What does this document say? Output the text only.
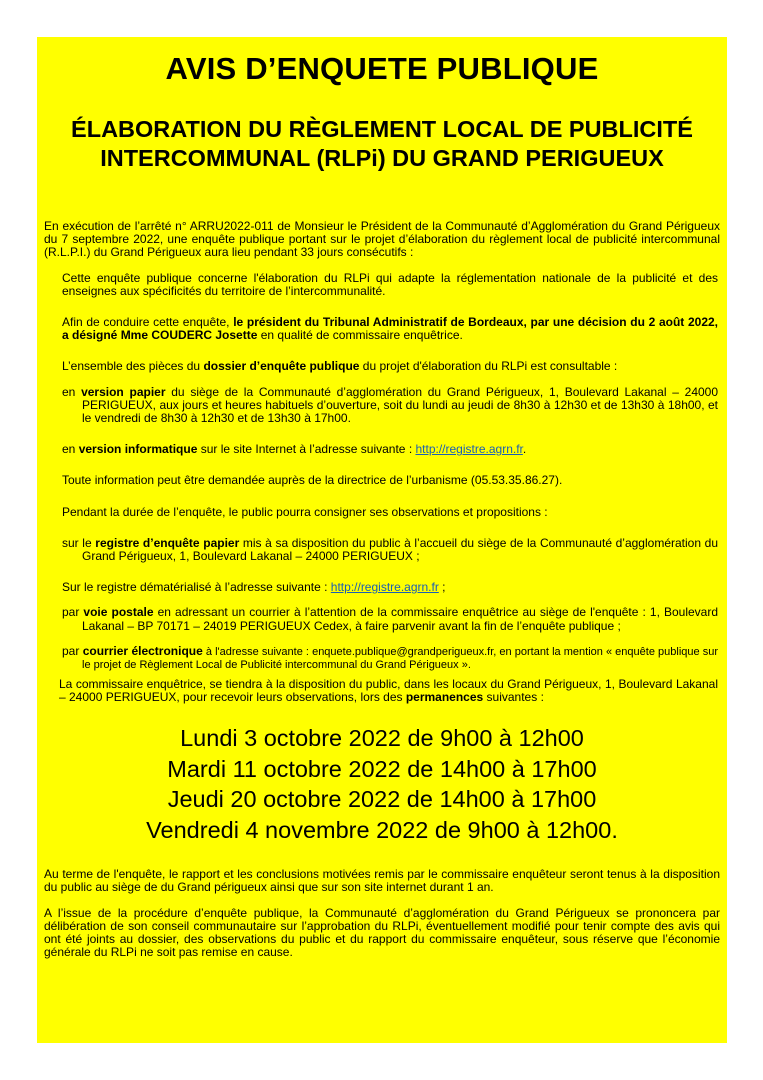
AVIS D’ENQUETE PUBLIQUE
ÉLABORATION DU RÈGLEMENT LOCAL DE PUBLICITÉ INTERCOMMUNAL (RLPi) DU GRAND PERIGUEUX

En exécution de l’arrêté n° ARRU2022-011 de Monsieur le Président de la Communauté d’Agglomération du Grand Périgueux du 7 septembre 2022, une enquête publique portant sur le projet d’élaboration du règlement local de publicité intercommunal (R.L.P.I.) du Grand Périgueux aura lieu pendant 33 jours consécutifs :

Cette enquête publique concerne l'élaboration du RLPi qui adapte la réglementation nationale de la publicité et des enseignes aux spécificités du territoire de l’intercommunalité.

Afin de conduire cette enquête, le président du Tribunal Administratif de Bordeaux, par une décision du 2 août 2022, a désigné Mme COUDERC Josette en qualité de commissaire enquêtrice.

L’ensemble des pièces du dossier d’enquête publique du projet d'élaboration du RLPi est consultable :

en version papier du siège de la Communauté d’agglomération du Grand Périgueux, 1, Boulevard Lakanal – 24000 PERIGUEUX, aux jours et heures habituels d’ouverture, soit du lundi au jeudi de 8h30 à 12h30 et de 13h30 à 18h00, et le vendredi de 8h30 à 12h30 et de 13h30 à 17h00.

en version informatique sur le site Internet à l’adresse suivante : http://registre.agrn.fr.

Toute information peut être demandée auprès de la directrice de l’urbanisme (05.53.35.86.27).

Pendant la durée de l’enquête, le public pourra consigner ses observations et propositions :

sur le registre d’enquête papier mis à sa disposition du public à l’accueil du siège de la Communauté d’agglomération du Grand Périgueux, 1, Boulevard Lakanal – 24000 PERIGUEUX ;

Sur le registre dématérialisé à l’adresse suivante : http://registre.agrn.fr ;

par voie postale en adressant un courrier à l’attention de la commissaire enquêtrice au siège de l'enquête : 1, Boulevard Lakanal – BP 70171 – 24019 PERIGUEUX Cedex, à faire parvenir avant la fin de l’enquête publique ;

par courrier électronique à l'adresse suivante : enquete.publique@grandperigueux.fr, en portant la mention « enquête publique sur le projet de Règlement Local de Publicité intercommunal du Grand Périgueux ».

La commissaire enquêtrice, se tiendra à la disposition du public, dans les locaux du Grand Périgueux, 1, Boulevard Lakanal – 24000 PERIGUEUX, pour recevoir leurs observations, lors des permanences suivantes :

Lundi 3 octobre 2022 de 9h00 à 12h00
Mardi 11 octobre 2022 de 14h00 à 17h00
Jeudi 20 octobre 2022 de 14h00 à 17h00
Vendredi 4 novembre 2022 de 9h00 à 12h00.

Au terme de l'enquête, le rapport et les conclusions motivées remis par le commissaire enquêteur seront tenus à la disposition du public au siège de du Grand périgueux ainsi que sur son site internet durant 1 an.

A l’issue de la procédure d’enquête publique, la Communauté d’agglomération du Grand Périgueux se prononcera par délibération de son conseil communautaire sur l’approbation du RLPi, éventuellement modifié pour tenir compte des avis qui ont été joints au dossier, des observations du public et du rapport du commissaire enquêteur, sous réserve que l’économie générale du RLPi ne soit pas remise en cause.
